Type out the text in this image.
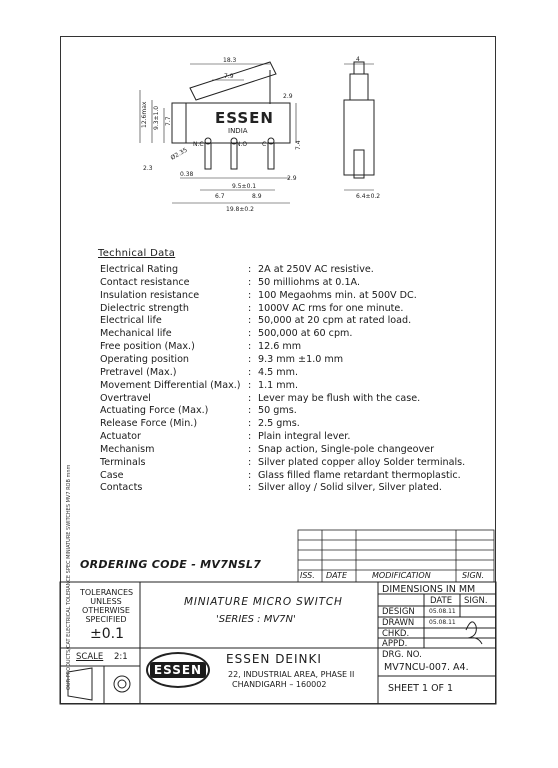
ESSEN
INDIA
N.C	N.O C
18.3
7.9
2.9
12.6max 9.3±1.0 7.7
2.3
Ø2.35
0.38
9.5±0.1
6.7	8.9
19.8±0.2
2.9
7.4
4
6.4±0.2
Technical Data
Electrical Rating	: 2A at 250V AC resistive.
Contact resistance	: 50 milliohms at 0.1A.
Insulation resistance	: 100 Megaohms min. at 500V DC.
Dielectric strength	: 1000V AC rms for one minute.
Electrical life	: 50,000 at 20 cpm at rated load.
Mechanical life	: 500,000 at 60 cpm.
Free position (Max.)	: 12.6 mm
Operating position	: 9.3 mm ±1.0 mm
Pretravel (Max.)	: 4.5 mm.
Movement Differential (Max.) : 1.1 mm.
Overtravel	: Lever may be flush with the case.
Actuating Force (Max.)	: 50 gms.
Release Force (Min.)	: 2.5 gms.
Actuator	: Plain integral lever.
Mechanism	: Snap action, Single-pole changeover
Terminals	: Silver plated copper alloy Solder terminals.
Case	: Glass filled flame retardant thermoplastic.
Contacts	: Silver alloy / Solid silver, Silver plated.
ORDERING CODE - MV7NSL7
ISS. DATE	MODIFICATION	SIGN.
TOLERANCES
UNLESS
OTHERWISE
SPECIFIED
±0.1
MINIATURE MICRO SWITCH
'SERIES : MV7N'
DIMENSIONS IN MM
DATE SIGN.
DESIGN 05.08.11
DRAWN 05.08.11
CHKD.
APPD.
SCALE 2:1
ESSEN
ESSEN DEINKI
22, INDUSTRIAL AREA, PHASE II
CHANDIGARH – 160002
DRG. NO.
MV7NCU-007. A4.
SHEET 1 OF 1
OUR PRODUCTS/CAT ELECTRICAL TOLERANCE SPEC MINIATURE SWITCHES MV7 ROB mnm
